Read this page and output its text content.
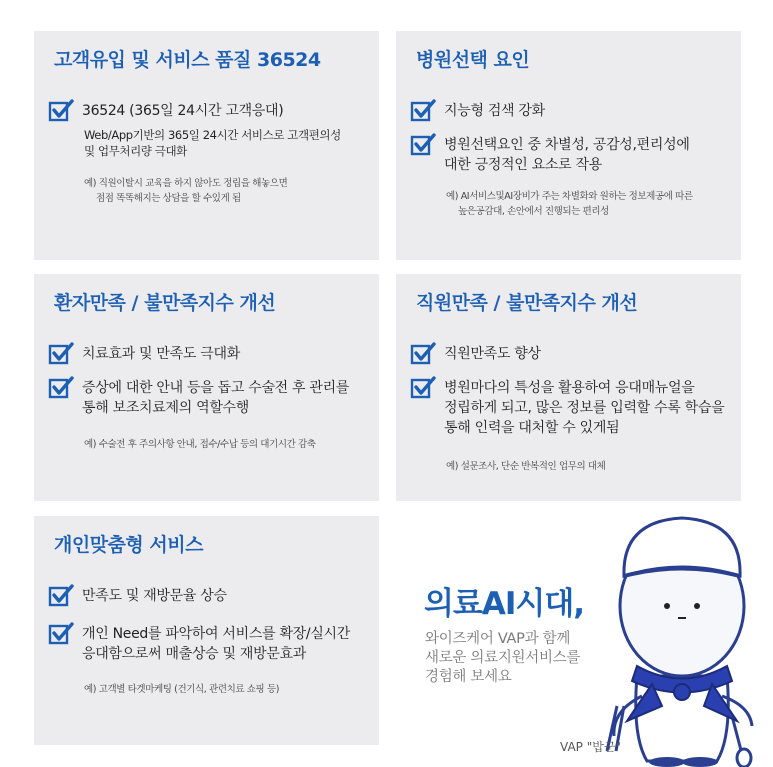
고객유입 및 서비스 품질 36524
36524 (365일 24시간 고객응대)
Web/App기반의 365일 24시간 서비스로 고객편의성
및 업무처리량 극대화
예) 직원이탈시 교육을 하지 않아도 정립을 해놓으면
점점 똑똑해지는 상담을 할 수있게 됨
병원선택 요인
지능형 검색 강화
병원선택요인 중 차별성, 공감성,편리성에
대한 긍정적인 요소로 작용
예) AI서비스및AI장비가 주는 차별화와 원하는 정보제공에 따른
높은공감대, 손안에서 진행되는 편리성
환자만족 / 불만족지수 개선
치료효과 및 만족도 극대화
증상에 대한 안내 등을 돕고 수술전 후 관리를
통해 보조치료제의 역할수행
예) 수술전 후 주의사항 안내, 접수/수납 등의 대기시간 감축
직원만족 / 불만족지수 개선
직원만족도 향상
병원마다의 특성을 활용하여 응대매뉴얼을
정립하게 되고, 많은 정보를 입력할 수록 학습을
통해 인력을 대처할 수 있게됨
예) 설문조사, 단순 반복적인 업무의 대체
개인맞춤형 서비스
만족도 및 재방문율 상승
개인 Need를 파악하여 서비스를 확장/실시간
응대함으로써 매출상승 및 재방문효과
예) 고객별 타겟마케팅 (건기식, 관련치료 쇼핑 등)
의료AI시대,
와이즈케어 VAP과 함께
새로운 의료지원서비스를
경험해 보세요
VAP "밥군"
